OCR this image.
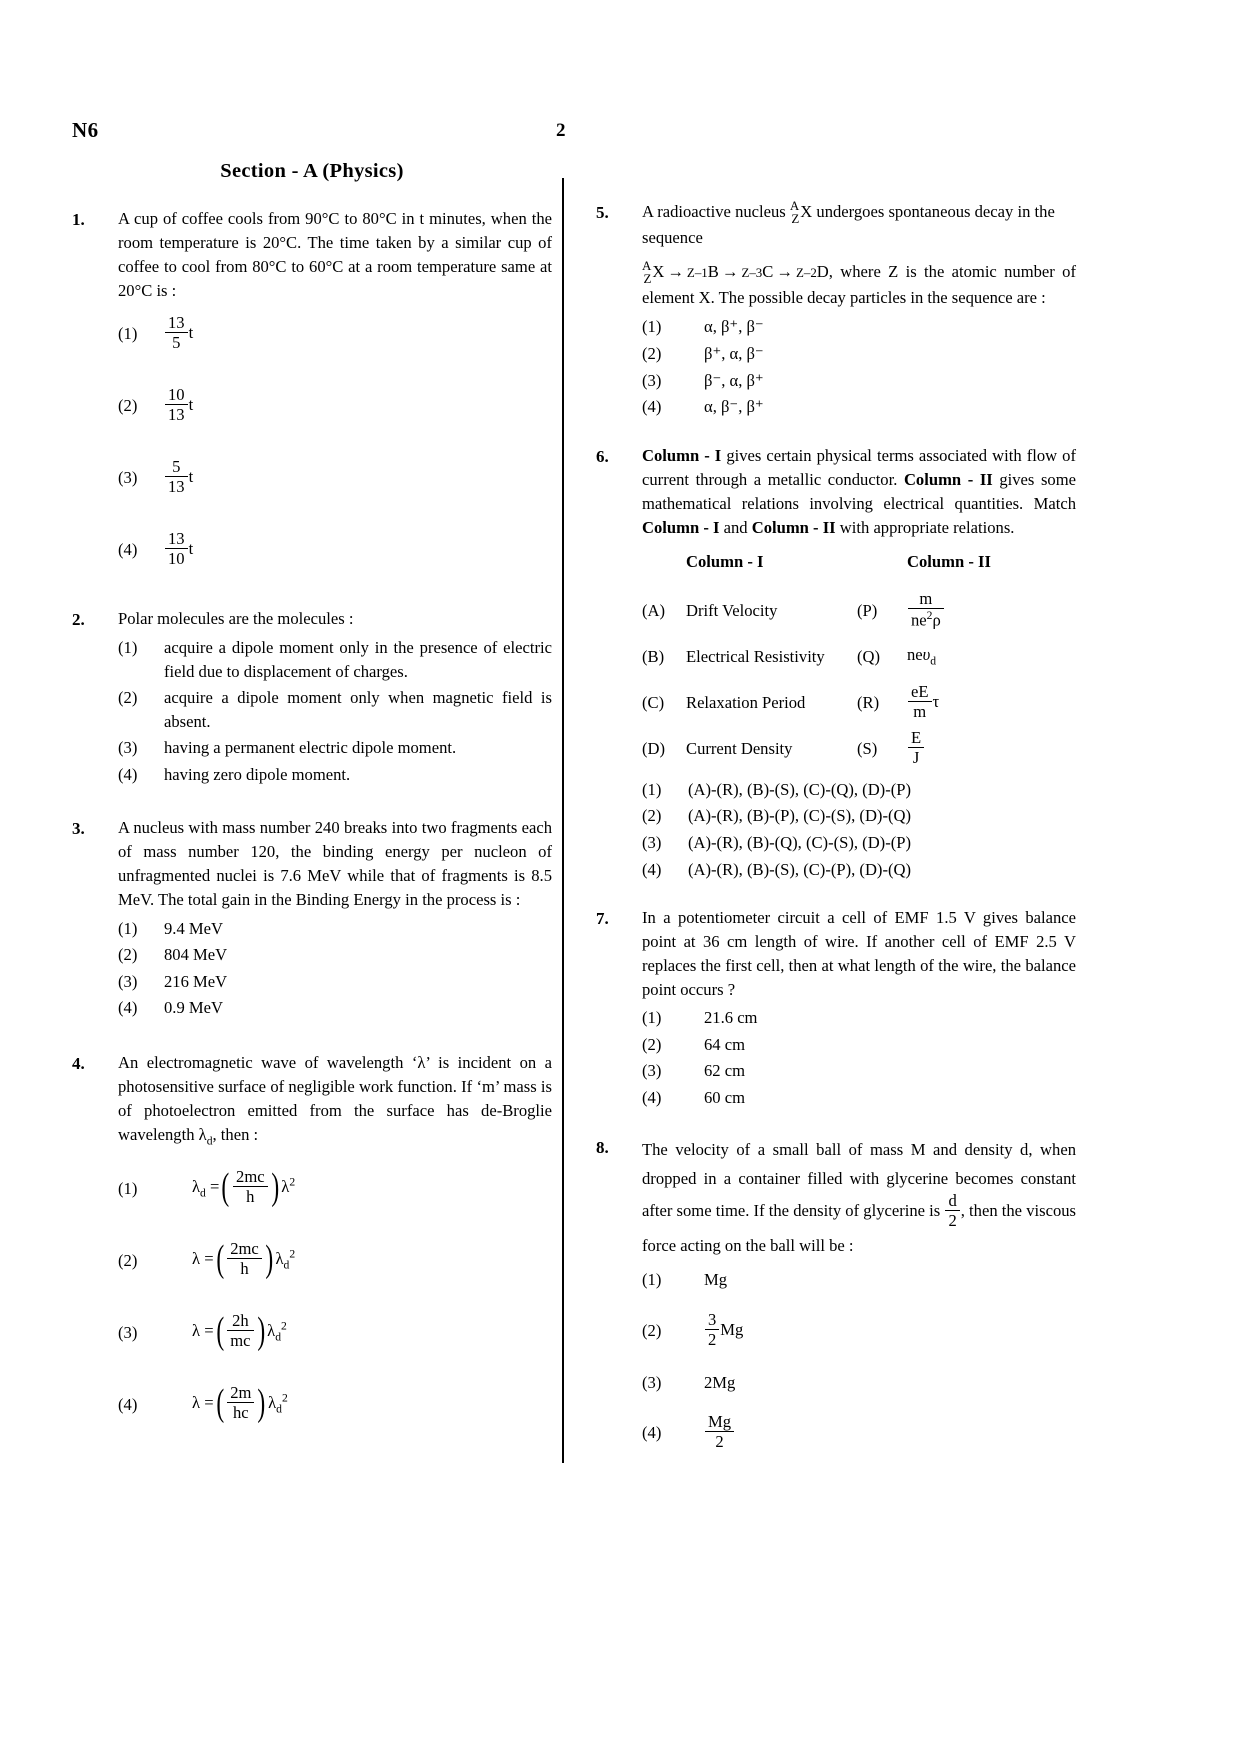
N6	2
Section - A (Physics)
1.	A cup of coffee cools from 90°C to 80°C in t minutes, when the room temperature is 20°C. The time taken by a similar cup of coffee to cool from 80°C to 60°C at a room temperature same at 20°C is :

(1)	$\frac{13}{5}$ t
(2)	$\frac{10}{13}$ t
(3)	$\frac{5}{13}$ t
(4)	$\frac{13}{10}$ t
2.	Polar molecules are the molecules :

(1)	acquire a dipole moment only in the presence of electric field due to displacement of charges.
(2)	acquire a dipole moment only when magnetic field is absent.
(3)	having a permanent electric dipole moment.
(4)	having zero dipole moment.
3.	A nucleus with mass number 240 breaks into two fragments each of mass number 120, the binding energy per nucleon of unfragmented nuclei is 7.6 MeV while that of fragments is 8.5 MeV. The total gain in the Binding Energy in the process is :

(1)	9.4 MeV
(2)	804 MeV
(3)	216 MeV
(4)	0.9 MeV
4.	An electromagnetic wave of wavelength ‘λ’ is incident on a photosensitive surface of negligible work function. If ‘m’ mass is of photoelectron emitted from the surface has de-Broglie wavelength $\lambda_d$, then :

(1)	$\lambda_d$ =( $\frac{2mc}{h}$ ) $\lambda^2$
(2)	λ =( $\frac{2mc}{h}$ ) $\lambda_d^2$
(3)	λ =( $\frac{2h}{mc}$ ) $\lambda_d^2$
(4)	λ =( $\frac{2m}{hc}$ ) $\lambda_d^2$
5.	A radioactive nucleus A
Z X undergoes spontaneous decay in the sequence

A
Z X → Z–1B → Z–3C → Z–2D, where Z is the atomic number of element X. The possible decay particles in the sequence are :

(1)	α, β⁺, β⁻
(2)	β⁺, α, β⁻
(3)	β⁻, α, β⁺
(4)	α, β⁻, β⁺
6.	Column - I gives certain physical terms associated with flow of current through a metallic conductor. Column - II gives some mathematical relations involving electrical quantities. Match Column - I and Column - II with appropriate relations.

Column - I	Column - II
(A)	Drift Velocity	(P)	$\frac{m}{ne^2\rho}$
(B)	Electrical Resistivity	(Q)	neυ$_d$
(C)	Relaxation Period	(R)	$\frac{eE}{m}$ τ
(D)	Current Density	(S)	$\frac{E}{J}$
(1)	(A)-(R), (B)-(S), (C)-(Q), (D)-(P)
(2)	(A)-(R), (B)-(P), (C)-(S), (D)-(Q)
(3)	(A)-(R), (B)-(Q), (C)-(S), (D)-(P)
(4)	(A)-(R), (B)-(S), (C)-(P), (D)-(Q)
7.	In a potentiometer circuit a cell of EMF 1.5 V gives balance point at 36 cm length of wire. If another cell of EMF 2.5 V replaces the first cell, then at what length of the wire, the balance point occurs ?

(1)	21.6 cm
(2)	64 cm
(3)	62 cm
(4)	60 cm
8.	The velocity of a small ball of mass M and density d, when dropped in a container filled with glycerine becomes constant after some time. If the density of glycerine is $\frac{d}{2}$ , then the viscous force acting on the ball will be :

(1)	Mg
(2)	$\frac{3}{2}$ Mg
(3)	2Mg
(4)	$\frac{Mg}{2}$
